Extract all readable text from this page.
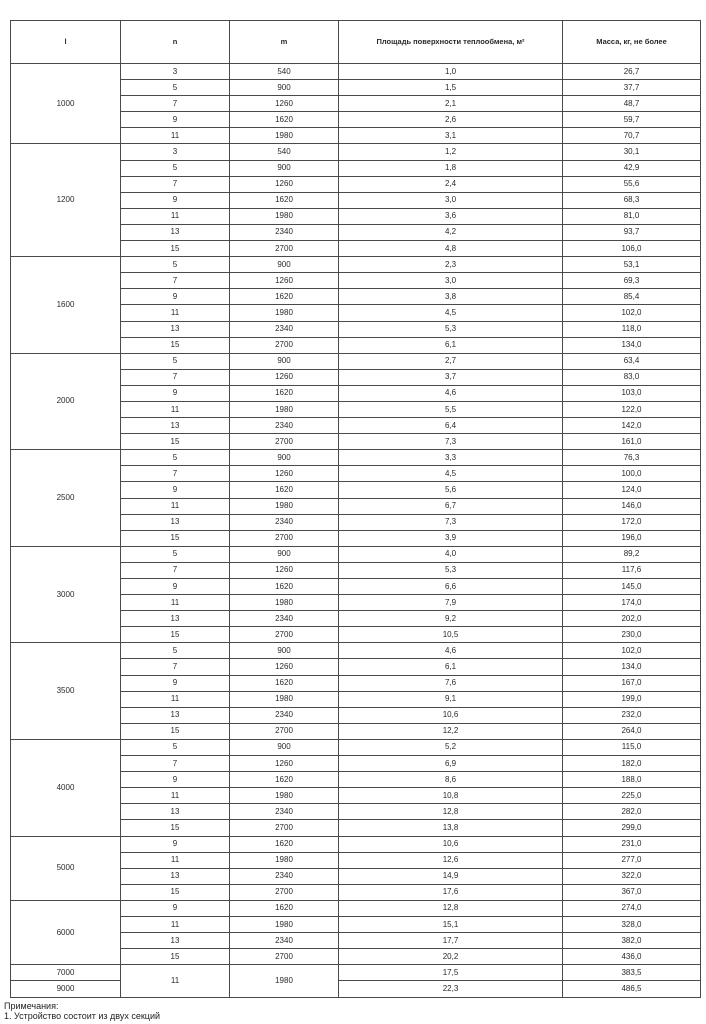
l	n	m	Площадь поверхности теплообмена, м²	Масса, кг, не более
1000	3	540	1,0	26,7
	5	900	1,5	37,7
	7	1260	2,1	48,7
	9	1620	2,6	59,7
	11	1980	3,1	70,7
1200	3	540	1,2	30,1
	5	900	1,8	42,9
	7	1260	2,4	55,6
	9	1620	3,0	68,3
	11	1980	3,6	81,0
	13	2340	4,2	93,7
	15	2700	4,8	106,0
1600	5	900	2,3	53,1
	7	1260	3,0	69,3
	9	1620	3,8	85,4
	11	1980	4,5	102,0
	13	2340	5,3	118,0
	15	2700	6,1	134,0
2000	5	900	2,7	63,4
	7	1260	3,7	83,0
	9	1620	4,6	103,0
	11	1980	5,5	122,0
	13	2340	6,4	142,0
	15	2700	7,3	161,0
2500	5	900	3,3	76,3
	7	1260	4,5	100,0
	9	1620	5,6	124,0
	11	1980	6,7	146,0
	13	2340	7,3	172,0
	15	2700	3,9	196,0
3000	5	900	4,0	89,2
	7	1260	5,3	117,6
	9	1620	6,6	145,0
	11	1980	7,9	174,0
	13	2340	9,2	202,0
	15	2700	10,5	230,0
3500	5	900	4,6	102,0
	7	1260	6,1	134,0
	9	1620	7,6	167,0
	11	1980	9,1	199,0
	13	2340	10,6	232,0
	15	2700	12,2	264,0
4000	5	900	5,2	115,0
	7	1260	6,9	182,0
	9	1620	8,6	188,0
	11	1980	10,8	225,0
	13	2340	12,8	282,0
	15	2700	13,8	299,0
5000	9	1620	10,6	231,0
	11	1980	12,6	277,0
	13	2340	14,9	322,0
	15	2700	17,6	367,0
6000	9	1620	12,8	274,0
	11	1980	15,1	328,0
	13	2340	17,7	382,0
	15	2700	20,2	436,0
7000	11	1980	17,5	383,5
9000			22,3	486,5
Примечания:
1. Устройство состоит из двух секций
